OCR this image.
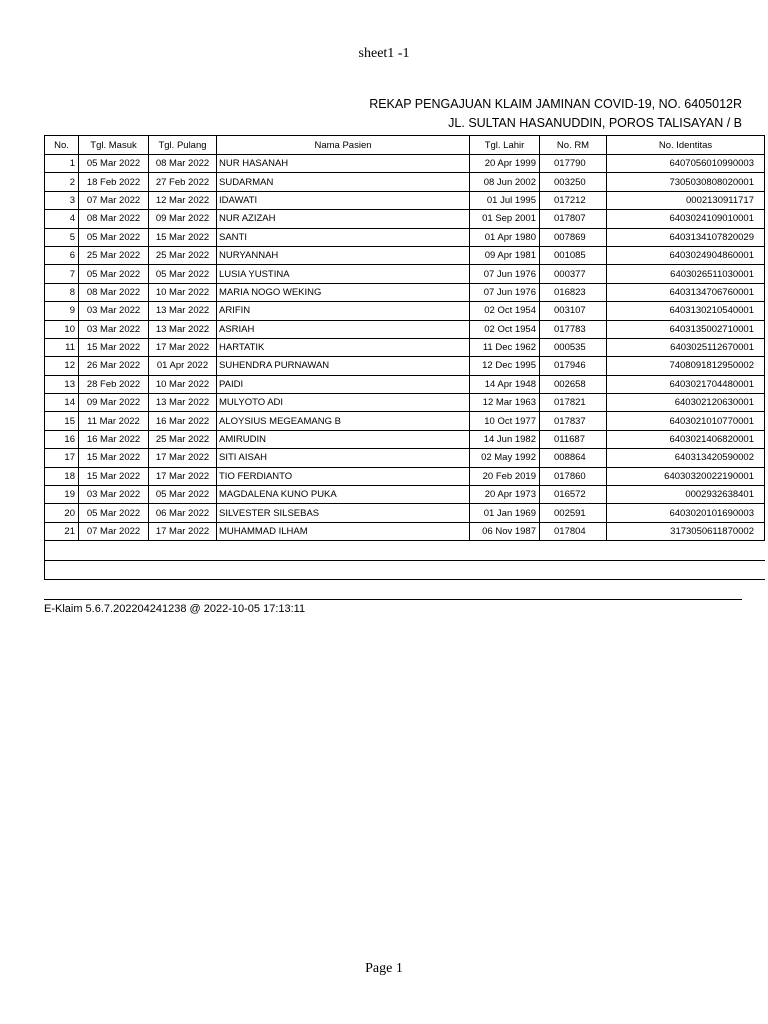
sheet1 -1
REKAP PENGAJUAN KLAIM JAMINAN COVID-19, NO. 6405012R
JL. SULTAN HASANUDDIN, POROS TALISAYAN / B
No.	Tgl. Masuk	Tgl. Pulang	Nama Pasien	Tgl. Lahir	No. RM	No. Identitas
1	05 Mar 2022	08 Mar 2022	NUR HASANAH	20 Apr 1999	017790	6407056010990003
2	18 Feb 2022	27 Feb 2022	SUDARMAN	08 Jun 2002	003250	7305030808020001
3	07 Mar 2022	12 Mar 2022	IDAWATI	01 Jul 1995	017212	0002130911717
4	08 Mar 2022	09 Mar 2022	NUR AZIZAH	01 Sep 2001	017807	6403024109010001
5	05 Mar 2022	15 Mar 2022	SANTI	01 Apr 1980	007869	6403134107820029
6	25 Mar 2022	25 Mar 2022	NURYANNAH	09 Apr 1981	001085	6403024904860001
7	05 Mar 2022	05 Mar 2022	LUSIA YUSTINA	07 Jun 1976	000377	6403026511030001
8	08 Mar 2022	10 Mar 2022	MARIA NOGO WEKING	07 Jun 1976	016823	6403134706760001
9	03 Mar 2022	13 Mar 2022	ARIFIN	02 Oct 1954	003107	6403130210540001
10	03 Mar 2022	13 Mar 2022	ASRIAH	02 Oct 1954	017783	6403135002710001
11	15 Mar 2022	17 Mar 2022	HARTATIK	11 Dec 1962	000535	6403025112670001
12	26 Mar 2022	01 Apr 2022	SUHENDRA PURNAWAN	12 Dec 1995	017946	7408091812950002
13	28 Feb 2022	10 Mar 2022	PAIDI	14 Apr 1948	002658	6403021704480001
14	09 Mar 2022	13 Mar 2022	MULYOTO ADI	12 Mar 1963	017821	640302120630001
15	11 Mar 2022	16 Mar 2022	ALOYSIUS MEGEAMANG B	10 Oct 1977	017837	6403021010770001
16	16 Mar 2022	25 Mar 2022	AMIRUDIN	14 Jun 1982	011687	6403021406820001
17	15 Mar 2022	17 Mar 2022	SITI AISAH	02 May 1992	008864	640313420590002
18	15 Mar 2022	17 Mar 2022	TIO FERDIANTO	20 Feb 2019	017860	64030320022190001
19	03 Mar 2022	05 Mar 2022	MAGDALENA KUNO PUKA	20 Apr 1973	016572	0002932638401
20	05 Mar 2022	06 Mar 2022	SILVESTER SILSEBAS	01 Jan 1969	002591	6403020101690003
21	07 Mar 2022	17 Mar 2022	MUHAMMAD ILHAM	06 Nov 1987	017804	3173050611870002

E-Klaim 5.6.7.202204241238 @ 2022-10-05 17:13:11
Page 1
